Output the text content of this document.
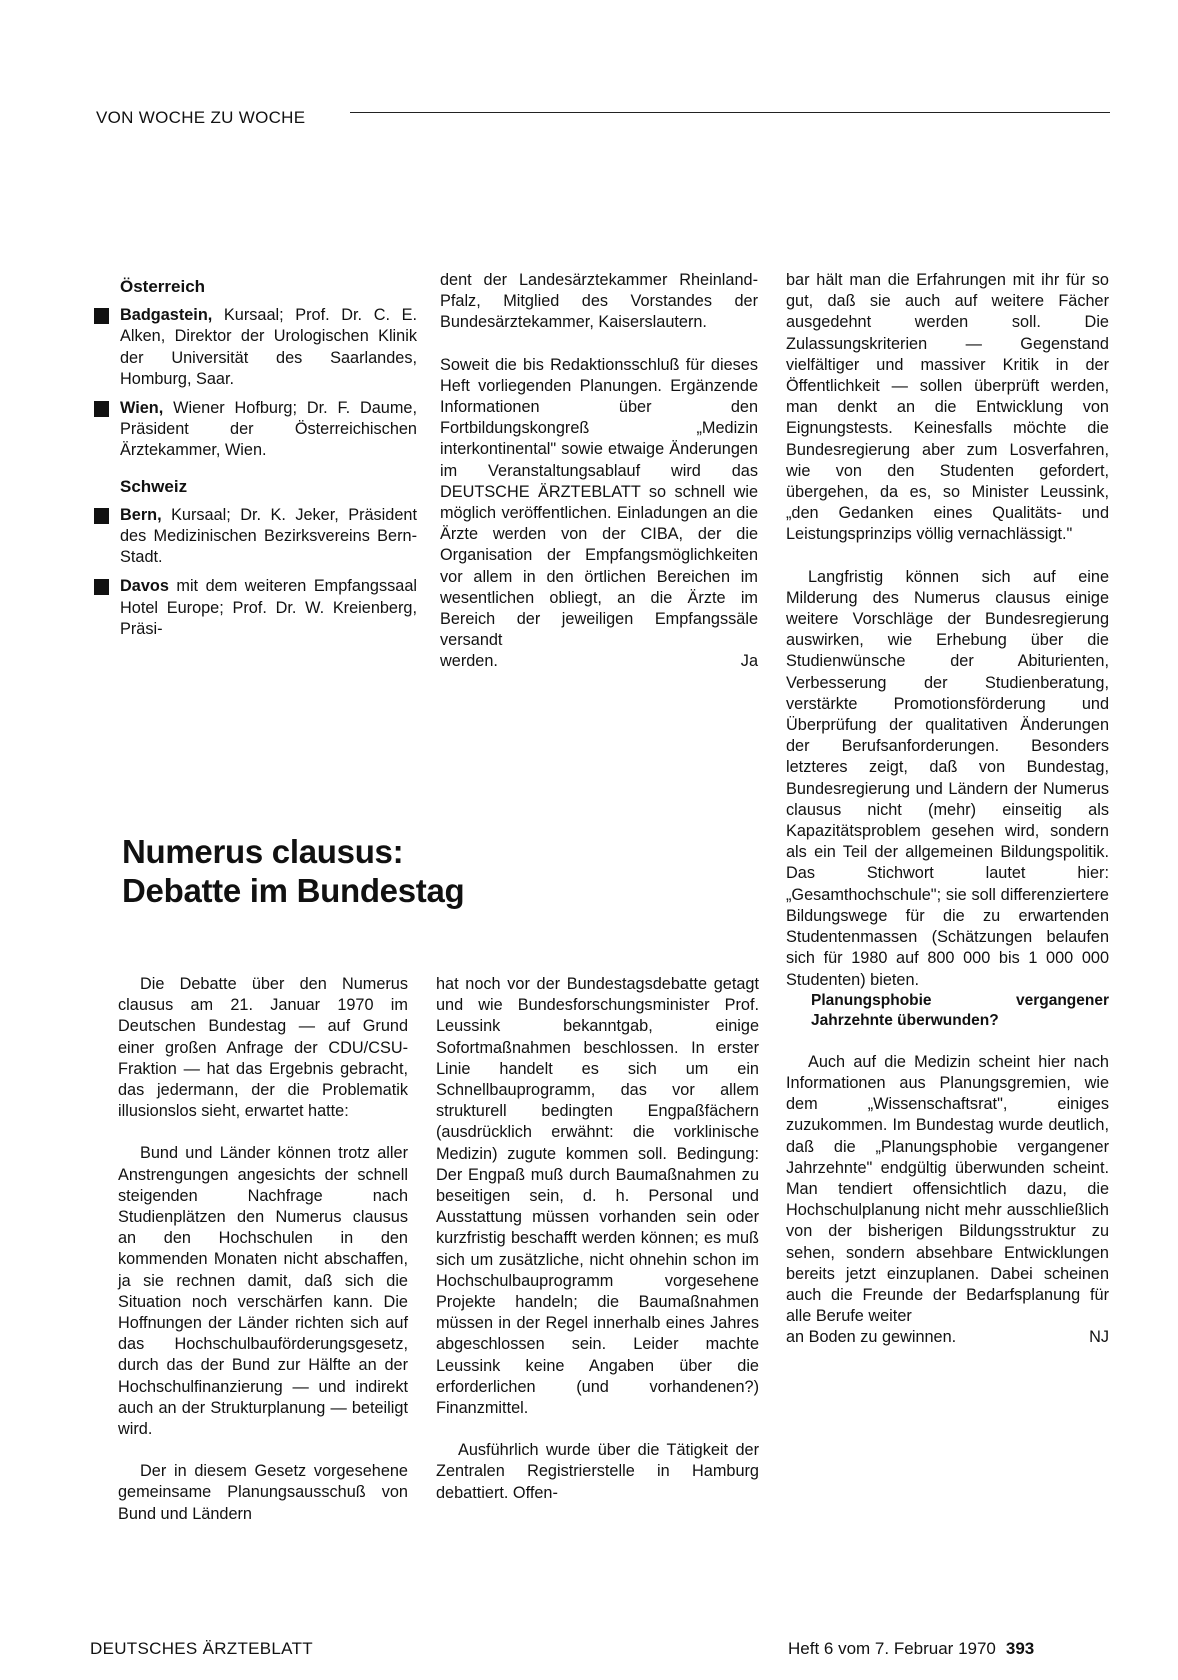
VON WOCHE ZU WOCHE
Österreich
Badgastein, Kursaal; Prof. Dr. C. E. Alken, Direktor der Urologischen Klinik der Universität des Saarlandes, Homburg, Saar.
Wien, Wiener Hofburg; Dr. F. Daume, Präsident der Österreichischen Ärztekammer, Wien.
Schweiz
Bern, Kursaal; Dr. K. Jeker, Präsident des Medizinischen Bezirksvereins Bern-Stadt.
Davos mit dem weiteren Empfangssaal Hotel Europe; Prof. Dr. W. Kreienberg, Präsi-

dent der Landesärztekammer Rheinland-Pfalz, Mitglied des Vorstandes der Bundesärztekammer, Kaiserslautern.

Soweit die bis Redaktionsschluß für dieses Heft vorliegenden Planungen. Ergänzende Informationen über den Fortbildungskongreß „Medizin interkontinental" sowie etwaige Änderungen im Veranstaltungsablauf wird das DEUTSCHE ÄRZTEBLATT so schnell wie möglich veröffentlichen. Einladungen an die Ärzte werden von der CIBA, der die Organisation der Empfangsmöglichkeiten vor allem in den örtlichen Bereichen im wesentlichen obliegt, an die Ärzte im Bereich der jeweiligen Empfangssäle versandt

werden.	Ja
Numerus clausus:
Debatte im Bundestag

Die Debatte über den Numerus clausus am 21. Januar 1970 im Deutschen Bundestag — auf Grund einer großen Anfrage der CDU/CSU-Fraktion — hat das Ergebnis gebracht, das jedermann, der die Problematik illusionslos sieht, erwartet hatte:

Bund und Länder können trotz aller Anstrengungen angesichts der schnell steigenden Nachfrage nach Studienplätzen den Numerus clausus an den Hochschulen in den kommenden Monaten nicht abschaffen, ja sie rechnen damit, daß sich die Situation noch verschärfen kann. Die Hoffnungen der Länder richten sich auf das Hochschulbauförderungsgesetz, durch das der Bund zur Hälfte an der Hochschulfinanzierung — und indirekt auch an der Strukturplanung — beteiligt wird.

Der in diesem Gesetz vorgesehene gemeinsame Planungsausschuß von Bund und Ländern

hat noch vor der Bundestagsdebatte getagt und wie Bundesforschungsminister Prof. Leussink bekanntgab, einige Sofortmaßnahmen beschlossen. In erster Linie handelt es sich um ein Schnellbauprogramm, das vor allem strukturell bedingten Engpaßfächern (ausdrücklich erwähnt: die vorklinische Medizin) zugute kommen soll. Bedingung: Der Engpaß muß durch Baumaßnahmen zu beseitigen sein, d. h. Personal und Ausstattung müssen vorhanden sein oder kurzfristig beschafft werden können; es muß sich um zusätzliche, nicht ohnehin schon im Hochschulbauprogramm vorgesehene Projekte handeln; die Baumaßnahmen müssen in der Regel innerhalb eines Jahres abgeschlossen sein. Leider machte Leussink keine Angaben über die erforderlichen (und vorhandenen?) Finanzmittel.

Ausführlich wurde über die Tätigkeit der Zentralen Registrierstelle in Hamburg debattiert. Offen-

bar hält man die Erfahrungen mit ihr für so gut, daß sie auch auf weitere Fächer ausgedehnt werden soll. Die Zulassungskriterien — Gegenstand vielfältiger und massiver Kritik in der Öffentlichkeit — sollen überprüft werden, man denkt an die Entwicklung von Eignungstests. Keinesfalls möchte die Bundesregierung aber zum Losverfahren, wie von den Studenten gefordert, übergehen, da es, so Minister Leussink, „den Gedanken eines Qualitäts- und Leistungsprinzips völlig vernachlässigt."

Langfristig können sich auf eine Milderung des Numerus clausus einige weitere Vorschläge der Bundesregierung auswirken, wie Erhebung über die Studienwünsche der Abiturienten, Verbesserung der Studienberatung, verstärkte Promotionsförderung und Überprüfung der qualitativen Änderungen der Berufsanforderungen. Besonders letzteres zeigt, daß von Bundestag, Bundesregierung und Ländern der Numerus clausus nicht (mehr) einseitig als Kapazitätsproblem gesehen wird, sondern als ein Teil der allgemeinen Bildungspolitik. Das Stichwort lautet hier: „Gesamthochschule"; sie soll differenziertere Bildungswege für die zu erwartenden Studentenmassen (Schätzungen belaufen sich für 1980 auf 800 000 bis 1 000 000 Studenten) bieten.

Planungsphobie vergangener Jahrzehnte überwunden?

Auch auf die Medizin scheint hier nach Informationen aus Planungsgremien, wie dem „Wissenschaftsrat", einiges zuzukommen. Im Bundestag wurde deutlich, daß die „Planungsphobie vergangener Jahrzehnte" endgültig überwunden scheint. Man tendiert offensichtlich dazu, die Hochschulplanung nicht mehr ausschließlich von der bisherigen Bildungsstruktur zu sehen, sondern absehbare Entwicklungen bereits jetzt einzuplanen. Dabei scheinen auch die Freunde der Bedarfsplanung für alle Berufe weiter

an Boden zu gewinnen.	NJ
DEUTSCHES ÄRZTEBLATT	Heft 6 vom 7. Februar 1970 393
